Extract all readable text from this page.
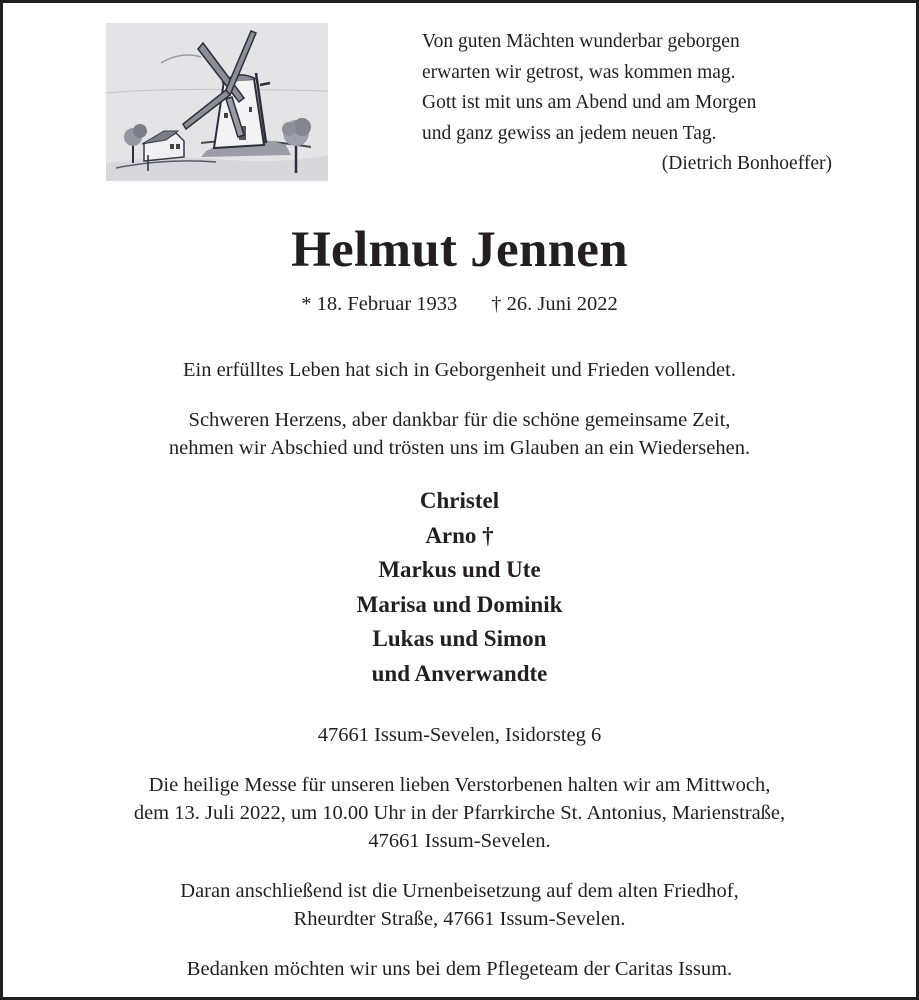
Von guten Mächten wunderbar geborgen
erwarten wir getrost, was kommen mag.
Gott ist mit uns am Abend und am Morgen
und ganz gewiss an jedem neuen Tag.
(Dietrich Bonhoeffer)
Helmut Jennen
* 18. Februar 1933 † 26. Juni 2022
Ein erfülltes Leben hat sich in Geborgenheit und Frieden vollendet.
Schweren Herzens, aber dankbar für die schöne gemeinsame Zeit,
nehmen wir Abschied und trösten uns im Glauben an ein Wiedersehen.
Christel
Arno †
Markus und Ute
Marisa und Dominik
Lukas und Simon
und Anverwandte
47661 Issum-Sevelen, Isidorsteg 6
Die heilige Messe für unseren lieben Verstorbenen halten wir am Mittwoch,
dem 13. Juli 2022, um 10.00 Uhr in der Pfarrkirche St. Antonius, Marienstraße,
47661 Issum-Sevelen.
Daran anschließend ist die Urnenbeisetzung auf dem alten Friedhof,
Rheurdter Straße, 47661 Issum-Sevelen.
Bedanken möchten wir uns bei dem Pflegeteam der Caritas Issum.
